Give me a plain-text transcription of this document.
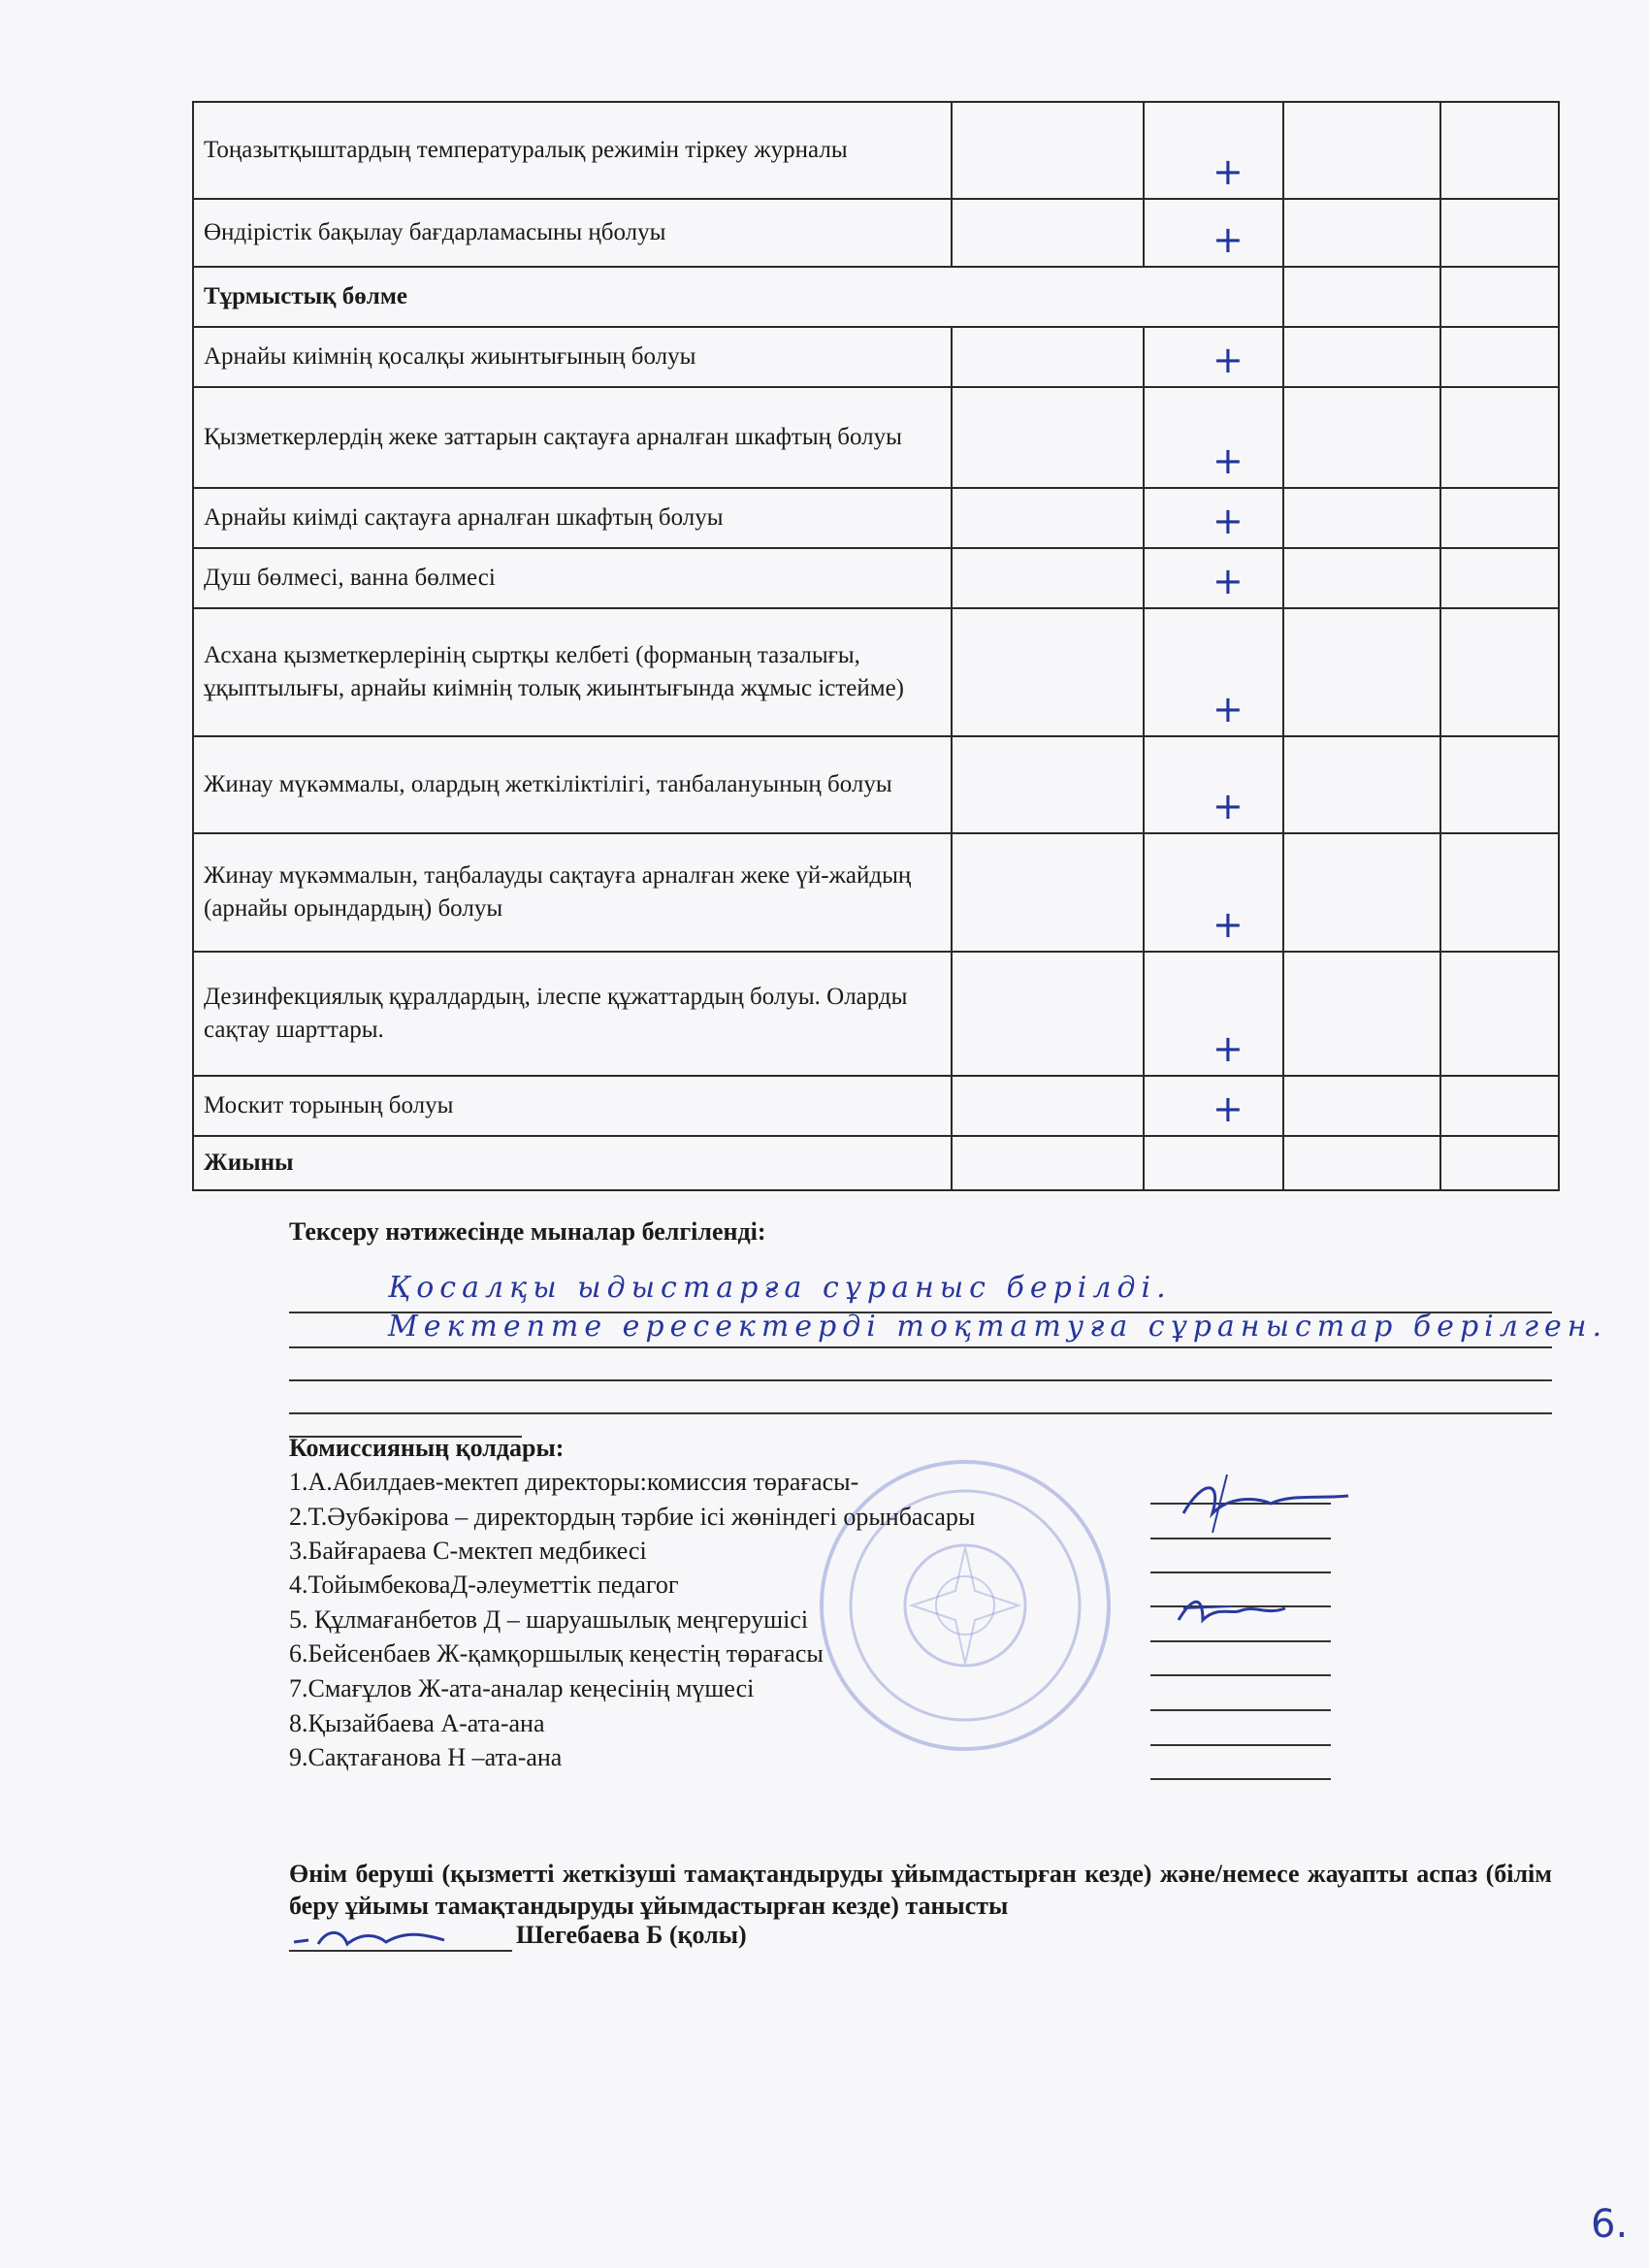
Тоңазытқыштардың температуралық режимін тіркеу журналы		+		

Өндірістік бақылау бағдарламасыны ңболуы		+		

Тұрмыстық бөлме				
Арнайы киімнің қосалқы жиынтығының болуы		+		

Қызметкерлердің жеке заттарын сақтауға арналған шкафтың болуы		+		

Арнайы киімді сақтауға арналған шкафтың болуы		+		

Душ бөлмесі, ванна бөлмесі		+		

Асхана қызметкерлерінің сыртқы келбеті (форманың тазалығы, ұқыптылығы, арнайы киімнің толық жиынтығында жұмыс істейме)		+		

Жинау мүкәммалы, олардың жеткіліктілігі, танбалануының болуы		+		

Жинау мүкәммалын, таңбалауды сақтауға арналған жеке үй-жайдың (арнайы орындардың) болуы		+		

Дезинфекциялық құралдардың, ілеспе құжаттардың болуы. Оларды сақтау шарттары.		+		

Москит торының болуы		+		

Жиыны				
Тексеру нәтижесінде мыналар белгіленді:
Қосалқы ыдыстарға сұраныс берілді.
Мектепте ересектерді тоқтатуға сұраныстар берілген.
Комиссияның қолдары:
1.А.Абилдаев-мектеп директоры:комиссия төрағасы-
2.Т.Әубәкірова – директордың тәрбие ісі жөніндегі орынбасары
3.Байғараева С-мектеп медбикесі
4.ТойымбековаД-әлеуметтік педагог
5. Құлмағанбетов Д – шаруашылық меңгерушісі
6.Бейсенбаев Ж-қамқоршылық кеңестің төрағасы
7.Смағұлов Ж-ата-аналар кеңесінің мүшесі
8.Қызайбаева А-ата-ана
9.Сақтағанова Н –ата-ана
Өнім беруші (қызметті жеткізуші тамақтандыруды ұйымдастырған кезде) және/немесе жауапты аспаз (білім беру ұйымы тамақтандыруды ұйымдастырған кезде) танысты
Шегебаева Б (қолы)
6.
